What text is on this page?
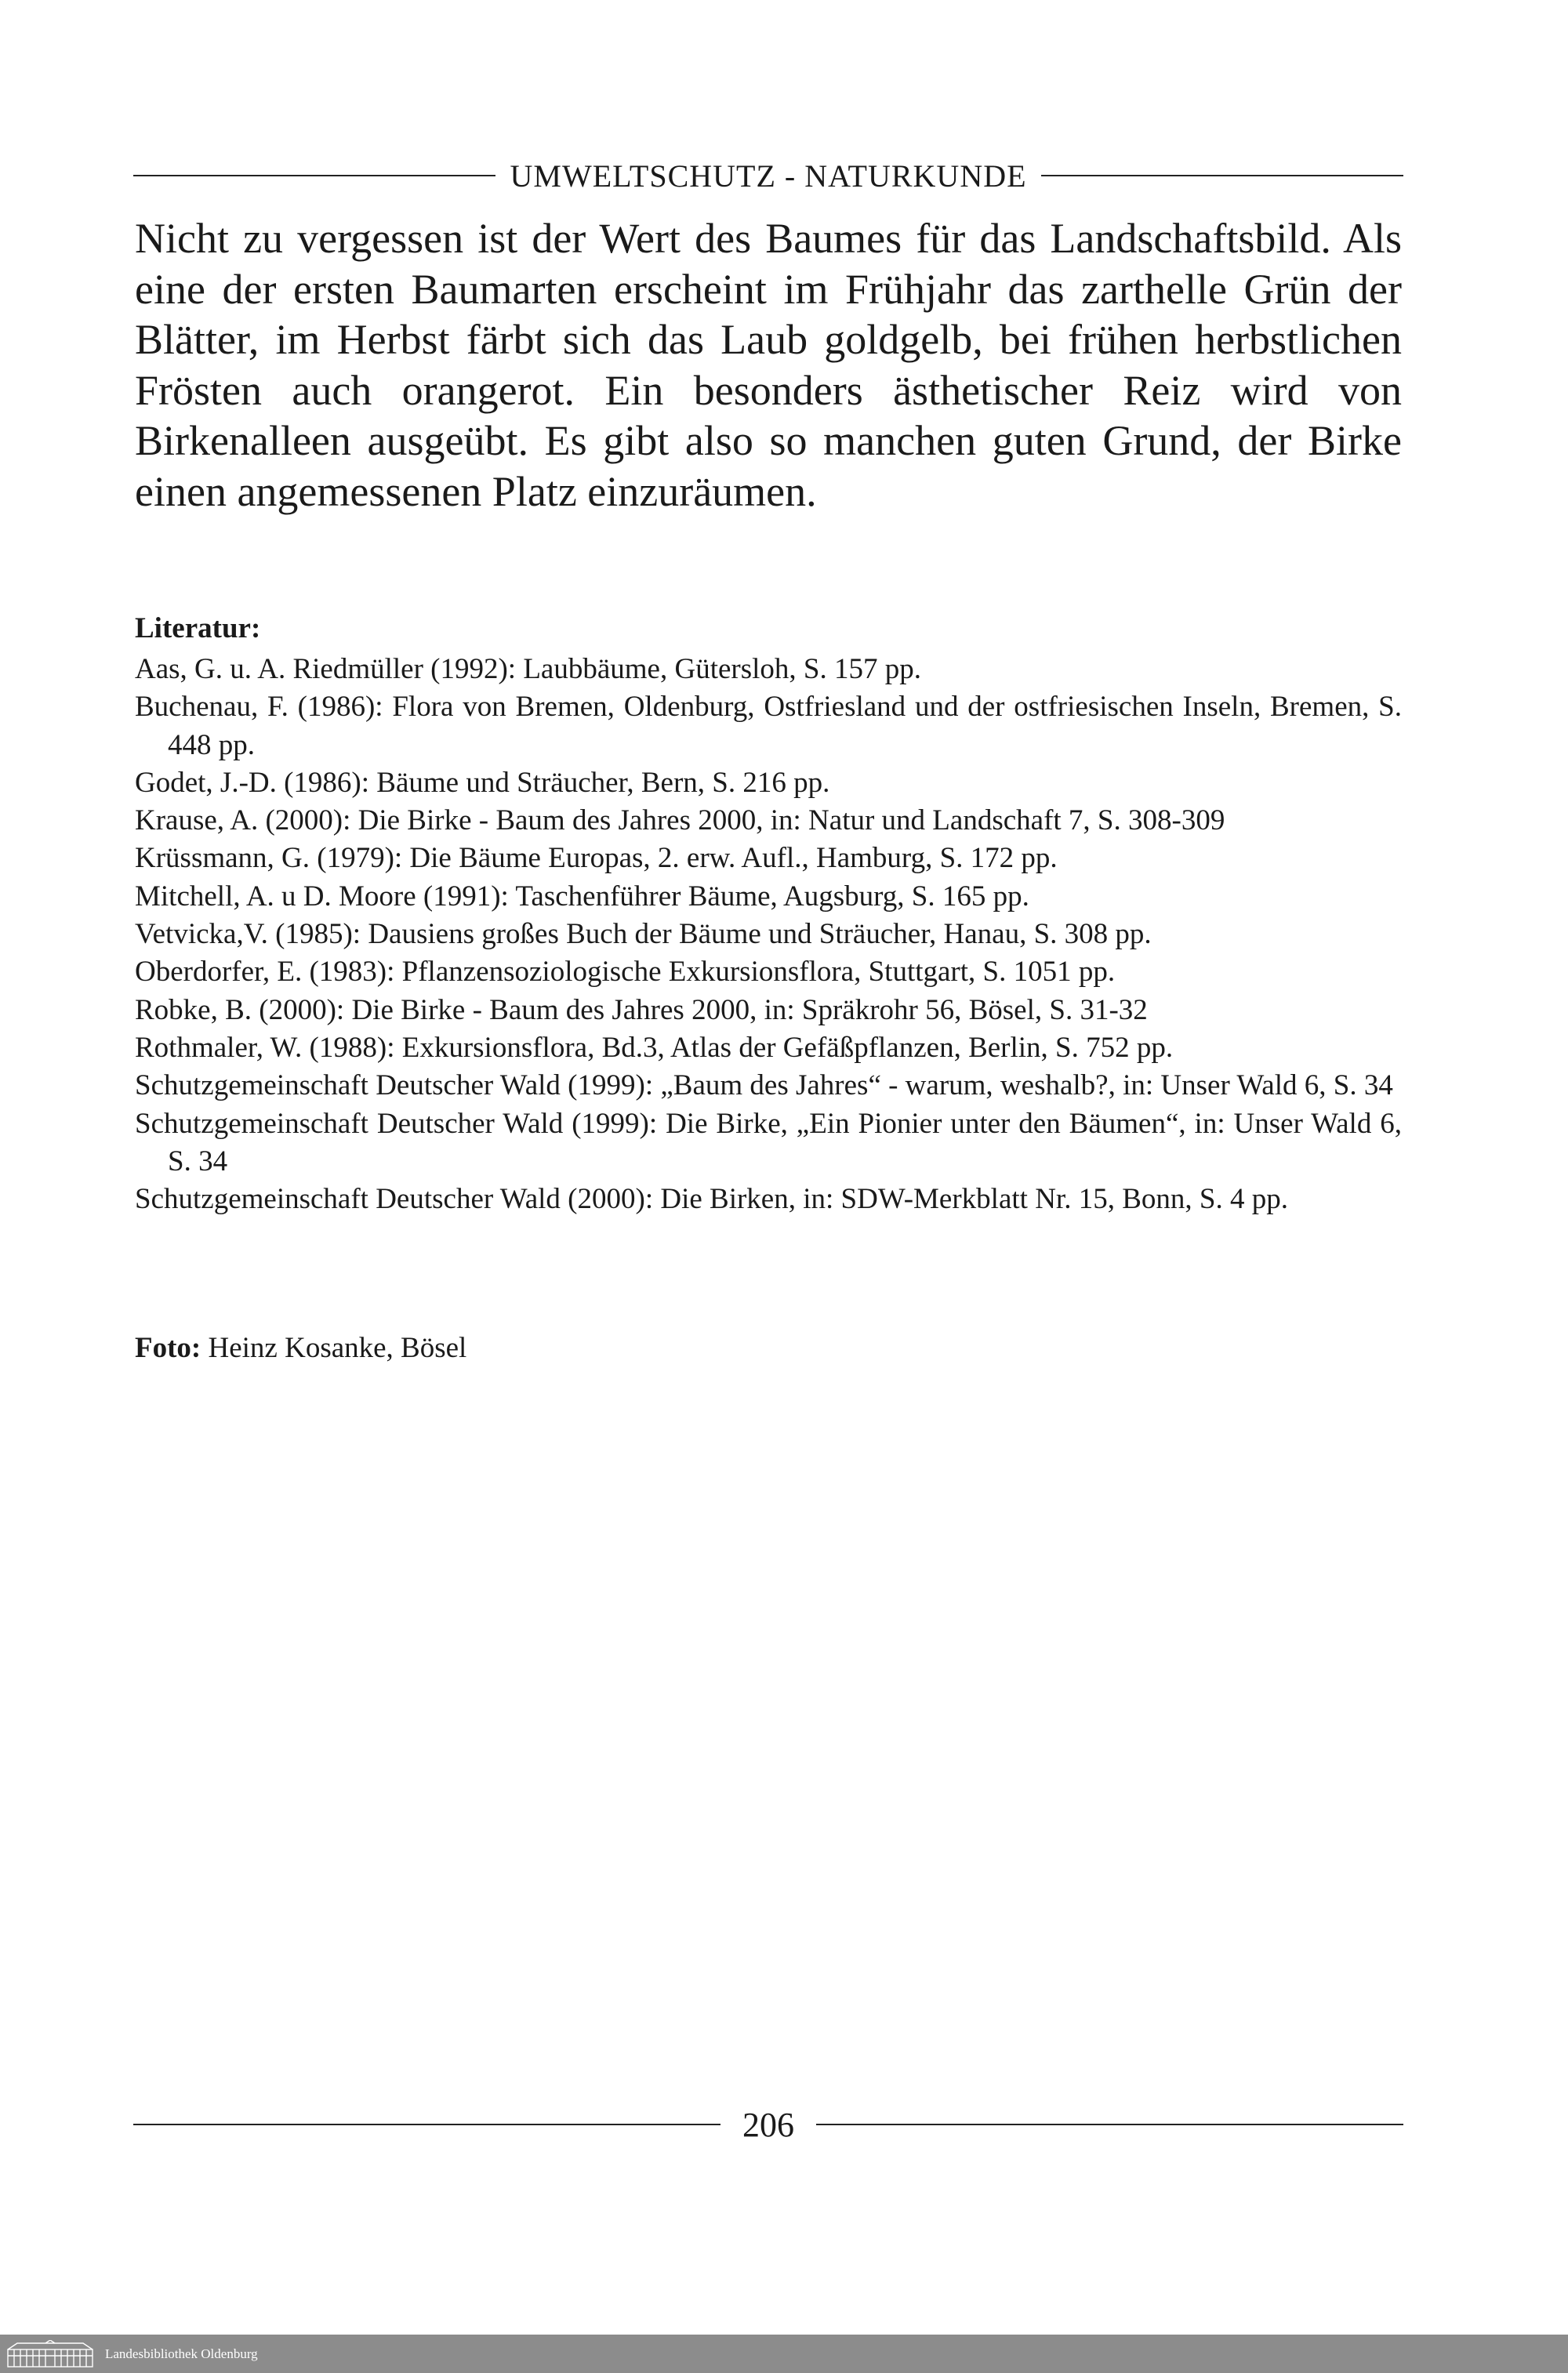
UMWELTSCHUTZ - NATURKUNDE

Nicht zu vergessen ist der Wert des Baumes für das Landschaftsbild. Als eine der ersten Baumarten erscheint im Frühjahr das zarthelle Grün der Blätter, im Herbst färbt sich das Laub goldgelb, bei frühen herbstlichen Frösten auch orangerot. Ein besonders ästhetischer Reiz wird von Birkenalleen ausgeübt. Es gibt also so manchen guten Grund, der Birke einen angemessenen Platz einzuräumen.

Literatur:

Aas, G. u. A. Riedmüller (1992): Laubbäume, Gütersloh, S. 157 pp.
Buchenau, F. (1986): Flora von Bremen, Oldenburg, Ostfriesland und der ostfriesischen Inseln, Bremen, S. 448 pp.
Godet, J.-D. (1986): Bäume und Sträucher, Bern, S. 216 pp.
Krause, A. (2000): Die Birke - Baum des Jahres 2000, in: Natur und Landschaft 7, S. 308-309
Krüssmann, G. (1979): Die Bäume Europas, 2. erw. Aufl., Hamburg, S. 172 pp.
Mitchell, A. u D. Moore (1991): Taschenführer Bäume, Augsburg, S. 165 pp.
Vetvicka,V. (1985): Dausiens großes Buch der Bäume und Sträucher, Hanau, S. 308 pp.
Oberdorfer, E. (1983): Pflanzensoziologische Exkursionsflora, Stuttgart, S. 1051 pp.
Robke, B. (2000): Die Birke - Baum des Jahres 2000, in: Spräkrohr 56, Bösel, S. 31-32
Rothmaler, W. (1988): Exkursionsflora, Bd.3, Atlas der Gefäßpflanzen, Berlin, S. 752 pp.
Schutzgemeinschaft Deutscher Wald (1999): „Baum des Jahres“ - warum, weshalb?, in: Unser Wald 6, S. 34
Schutzgemeinschaft Deutscher Wald (1999): Die Birke, „Ein Pionier unter den Bäumen“, in: Unser Wald 6, S. 34
Schutzgemeinschaft Deutscher Wald (2000): Die Birken, in: SDW-Merkblatt Nr. 15, Bonn, S. 4 pp.

Foto: Heinz Kosanke, Bösel

206
Landesbibliothek Oldenburg
